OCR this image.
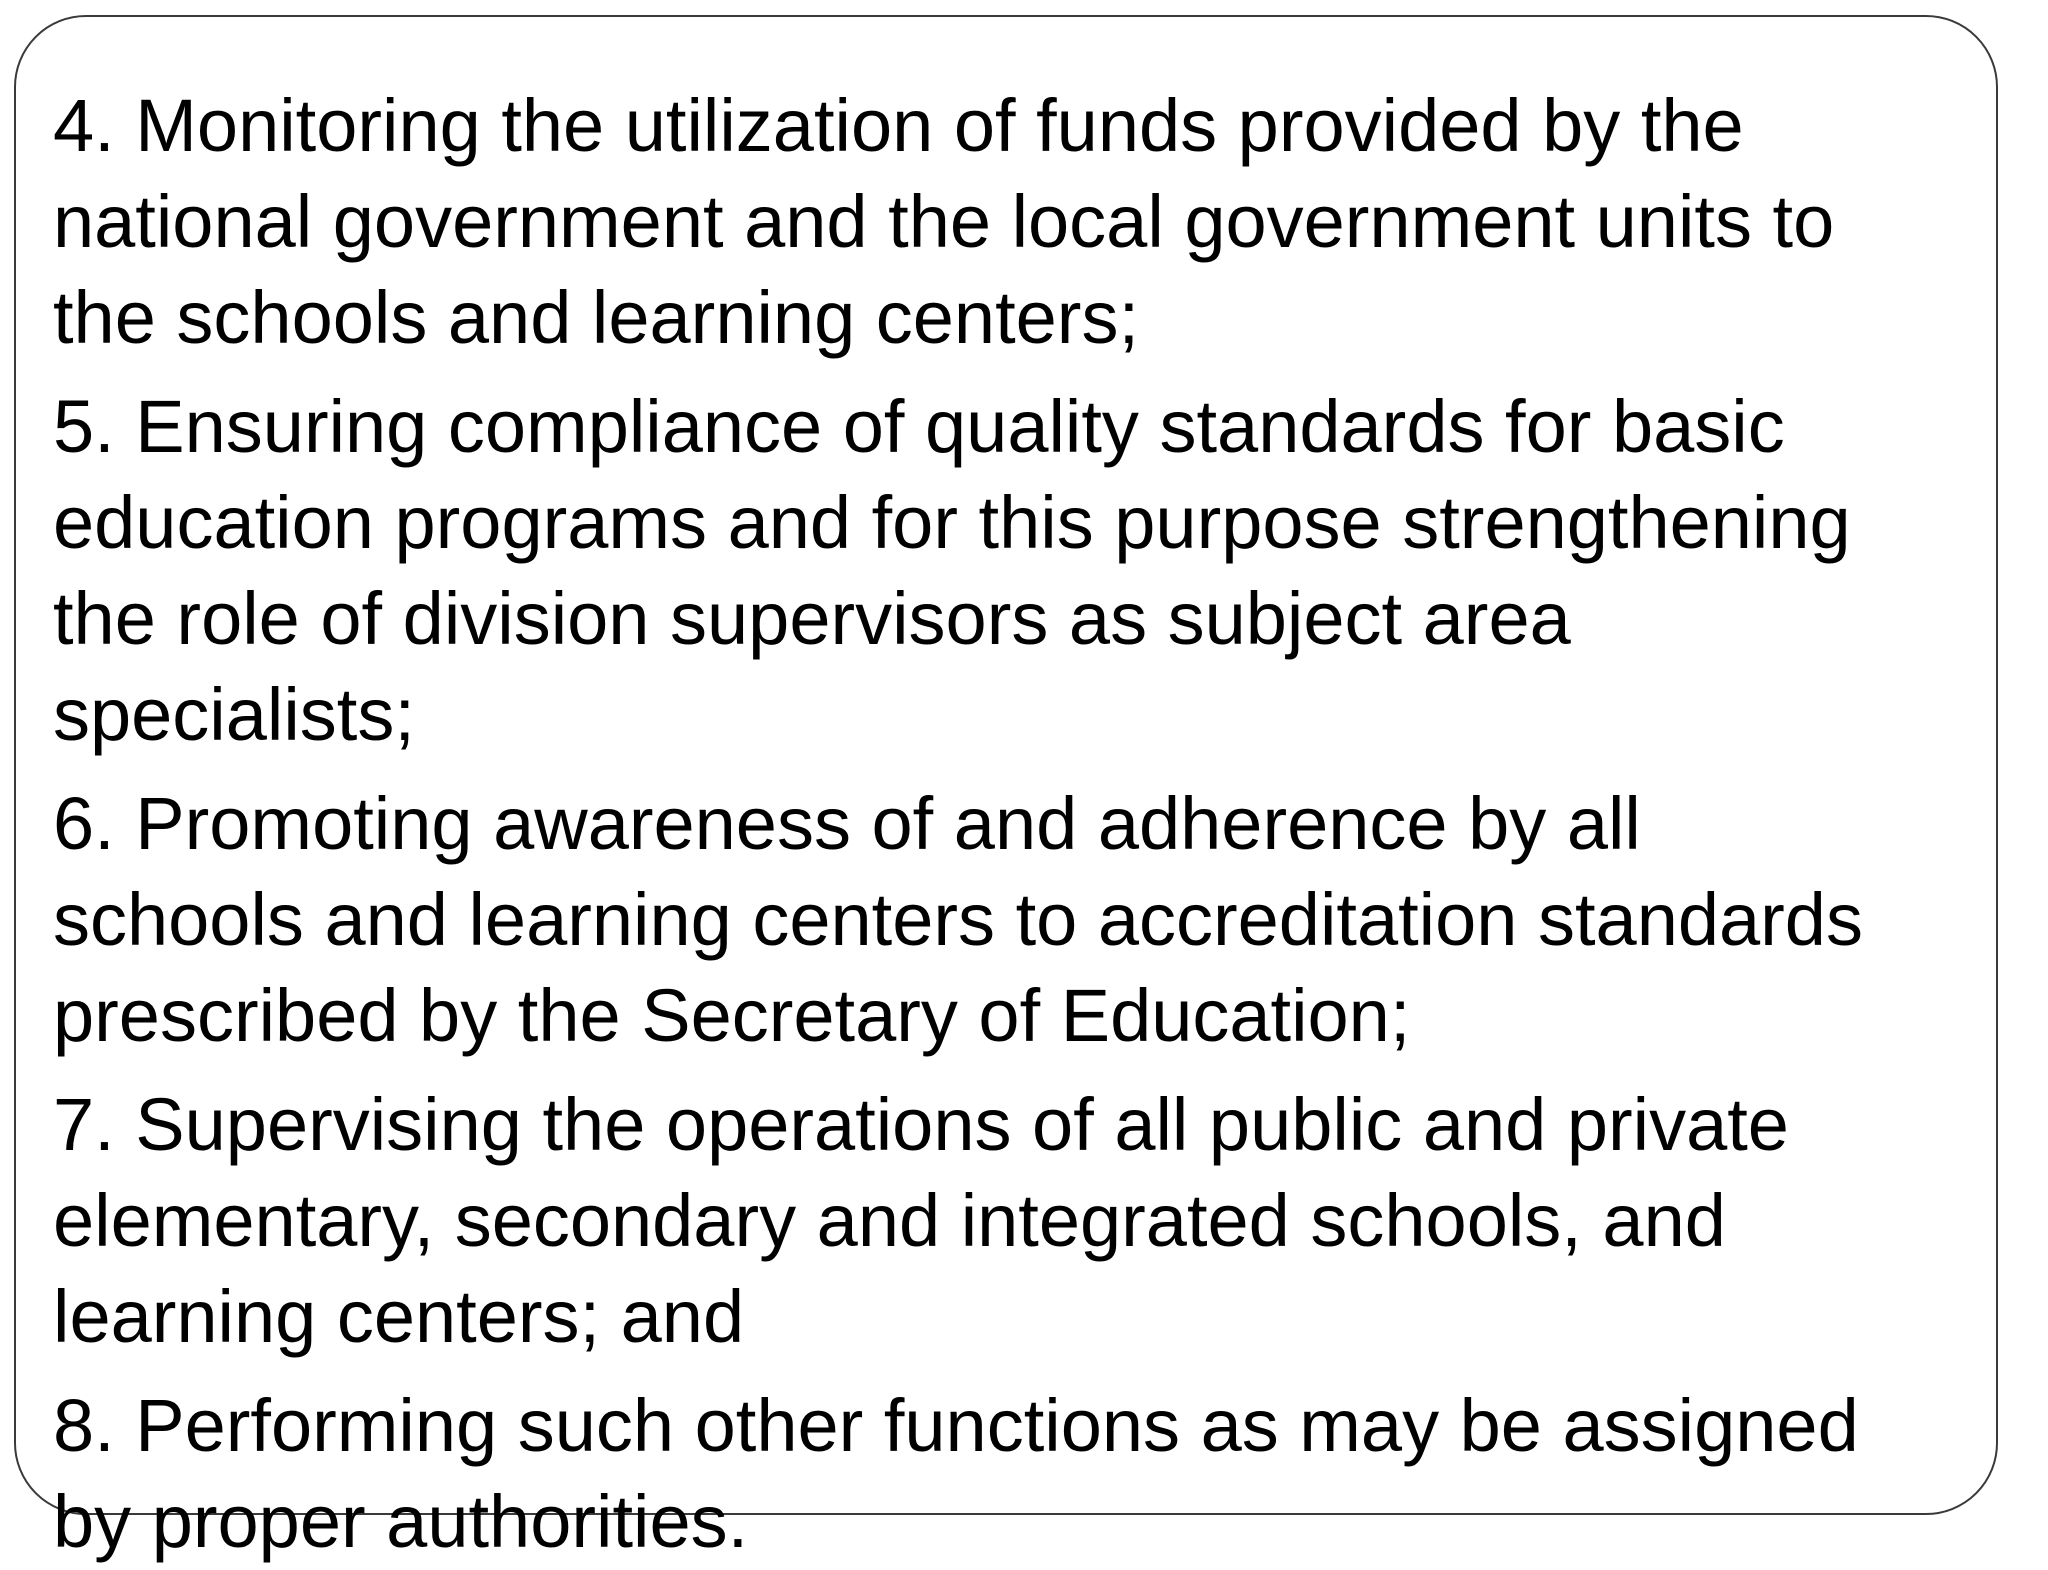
4. Monitoring the utilization of funds provided by the
national government and the local government units to
the schools and learning centers;
5. Ensuring compliance of quality standards for basic
education programs and for this purpose strengthening
the role of division supervisors as subject area
specialists;
6. Promoting awareness of and adherence by all
schools and learning centers to accreditation standards
prescribed by the Secretary of Education;
7. Supervising the operations of all public and private
elementary, secondary and integrated schools, and
learning centers; and
8. Performing such other functions as may be assigned
by proper authorities.
